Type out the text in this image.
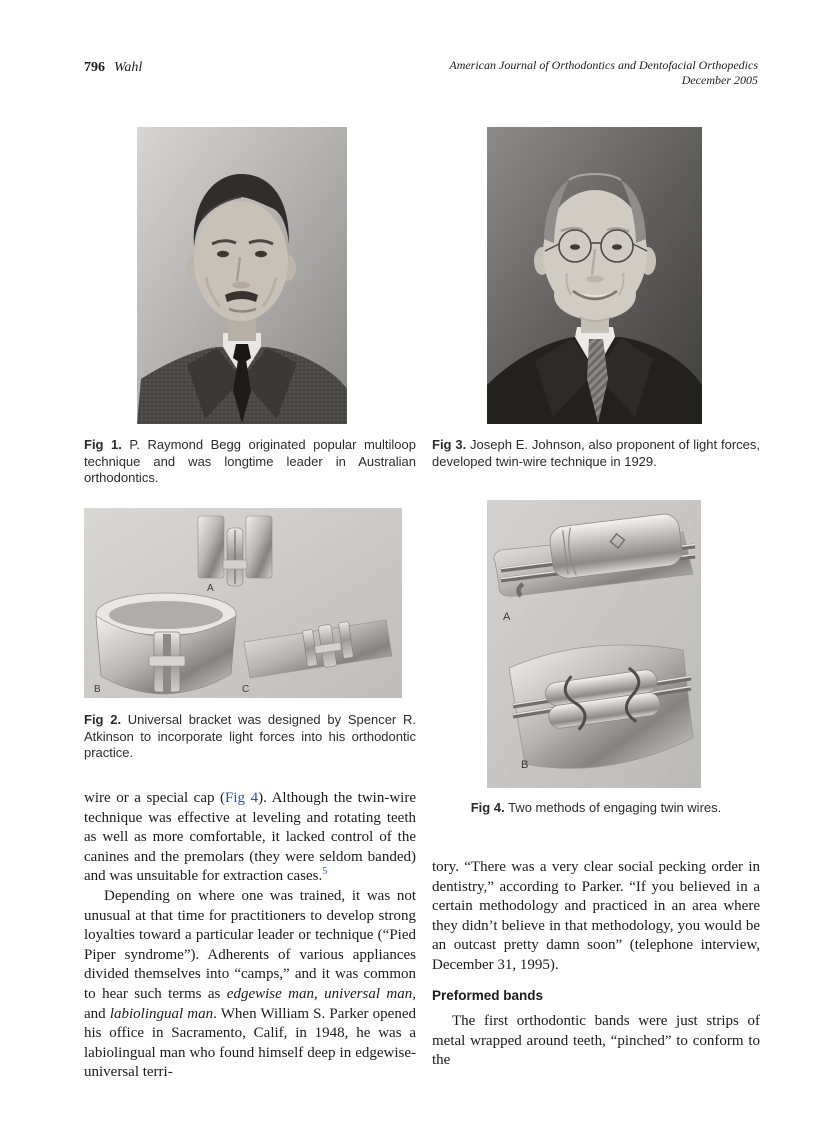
796 Wahl	American Journal of Orthodontics and Dentofacial Orthopedics
December 2005
Fig 1. P. Raymond Begg originated popular multiloop technique and was longtime leader in Australian orthodontics.
Fig 3. Joseph E. Johnson, also proponent of light forces, developed twin-wire technique in 1929.
A
B	C
A
B
Fig 2. Universal bracket was designed by Spencer R. Atkinson to incorporate light forces into his orthodontic practice.
Fig 4. Two methods of engaging twin wires.

wire or a special cap (Fig 4). Although the twin-wire technique was effective at leveling and rotating teeth as well as more comfortable, it lacked control of the canines and the premolars (they were seldom banded) and was unsuitable for extraction cases.$^5$

Depending on where one was trained, it was not unusual at that time for practitioners to develop strong loyalties toward a particular leader or technique (“Pied Piper syndrome”). Adherents of various appliances divided themselves into “camps,” and it was common to hear such terms as edgewise man, universal man, and labiolingual man. When William S. Parker opened his office in Sacramento, Calif, in 1948, he was a labiolingual man who found himself deep in edgewise-universal terri-

tory. “There was a very clear social pecking order in dentistry,” according to Parker. “If you believed in a certain methodology and practiced in an area where they didn’t believe in that methodology, you would be an outcast pretty damn soon” (telephone interview, December 31, 1995).

Preformed bands

The first orthodontic bands were just strips of metal wrapped around teeth, “pinched” to conform to the
